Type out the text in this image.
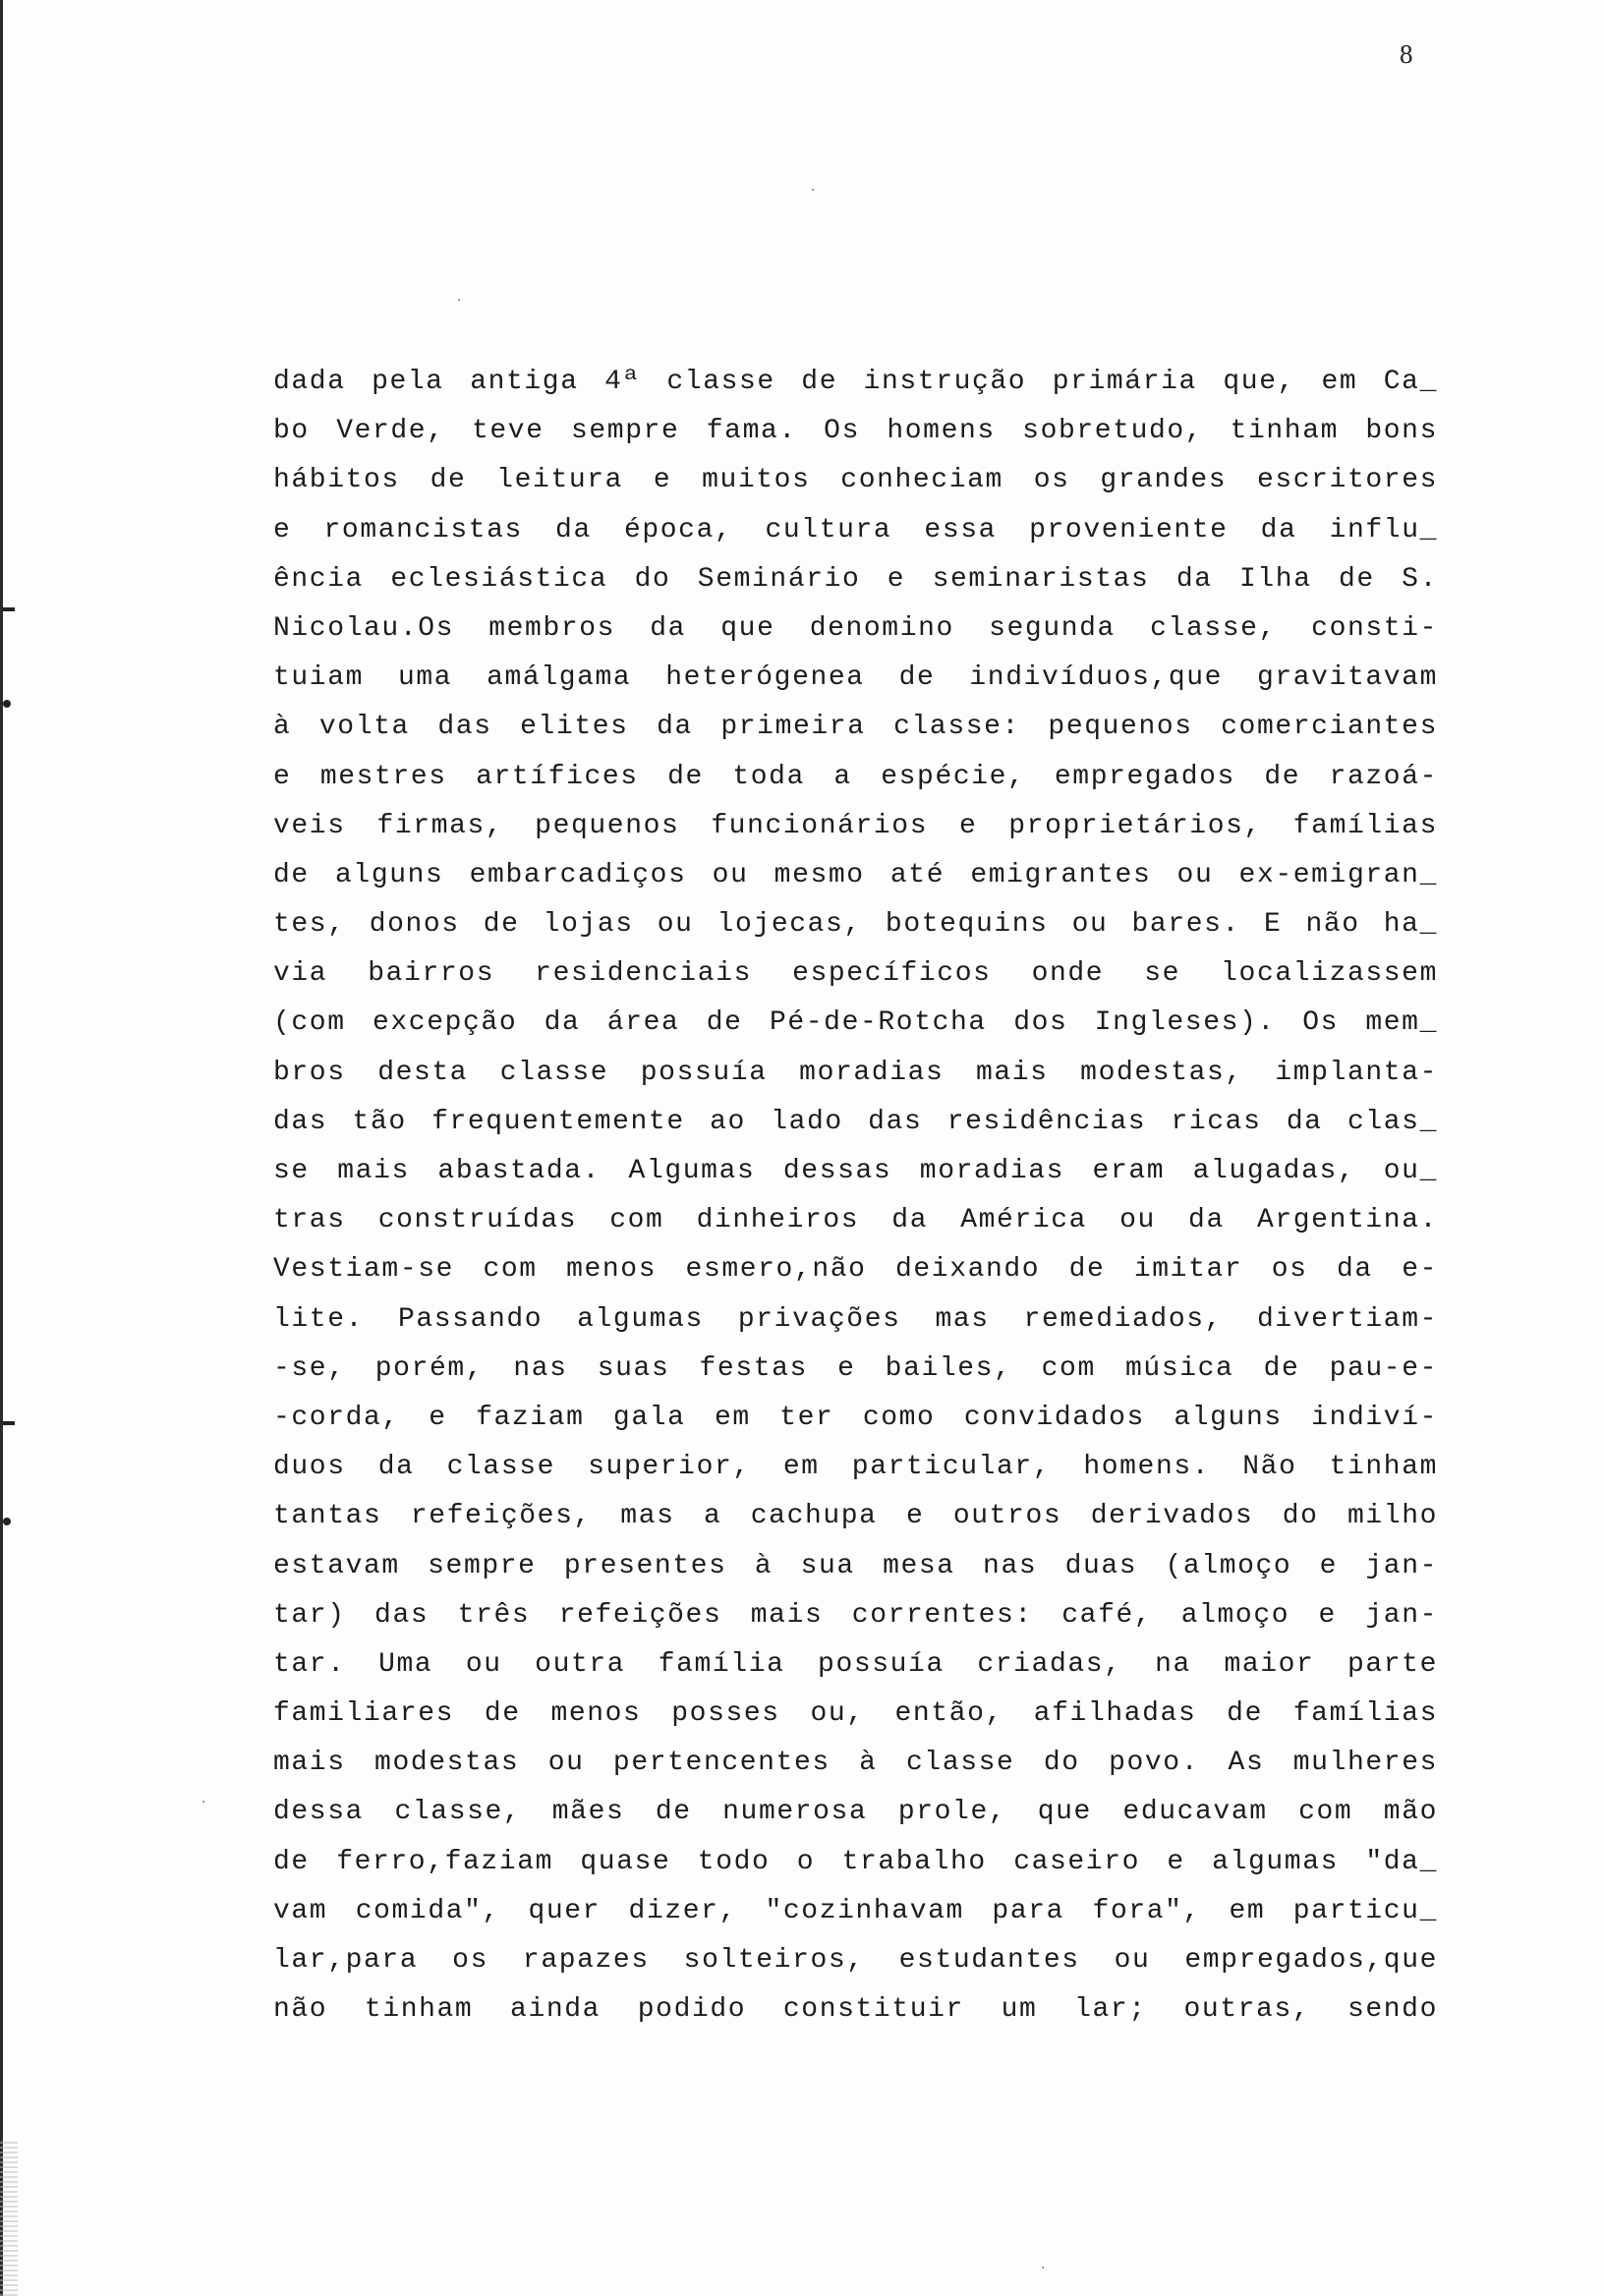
8
dada pela antiga 4ª classe de instrução primária que, em Ca_
bo Verde, teve sempre fama. Os homens sobretudo, tinham bons
hábitos de leitura e muitos conheciam os grandes escritores
e romancistas da época, cultura essa proveniente da influ_
ência eclesiástica do Seminário e seminaristas da Ilha de S.
Nicolau.Os membros da que denomino segunda classe, consti-
tuiam uma amálgama heterógenea de indivíduos,que gravitavam
à volta das elites da primeira classe: pequenos comerciantes
e mestres artífices de toda a espécie, empregados de razoá-
veis firmas, pequenos funcionários e proprietários, famílias
de alguns embarcadiços ou mesmo até emigrantes ou ex-emigran_
tes, donos de lojas ou lojecas, botequins ou bares. E não ha_
via bairros residenciais específicos onde se localizassem
(com excepção da área de Pé-de-Rotcha dos Ingleses). Os mem_
bros desta classe possuía moradias mais modestas, implanta-
das tão frequentemente ao lado das residências ricas da clas_
se mais abastada. Algumas dessas moradias eram alugadas, ou_
tras construídas com dinheiros da América ou da Argentina.
Vestiam-se com menos esmero,não deixando de imitar os da e-
lite. Passando algumas privações mas remediados, divertiam-
-se, porém, nas suas festas e bailes, com música de pau-e-
-corda, e faziam gala em ter como convidados alguns indiví-
duos da classe superior, em particular, homens. Não tinham
tantas refeições, mas a cachupa e outros derivados do milho
estavam sempre presentes à sua mesa nas duas (almoço e jan-
tar) das três refeições mais correntes: café, almoço e jan-
tar. Uma ou outra família possuía criadas, na maior parte
familiares de menos posses ou, então, afilhadas de famílias
mais modestas ou pertencentes à classe do povo. As mulheres
dessa classe, mães de numerosa prole, que educavam com mão
de ferro,faziam quase todo o trabalho caseiro e algumas "da_
vam comida", quer dizer, "cozinhavam para fora", em particu_
lar,para os rapazes solteiros, estudantes ou empregados,que
não tinham ainda podido constituir um lar; outras, sendo
